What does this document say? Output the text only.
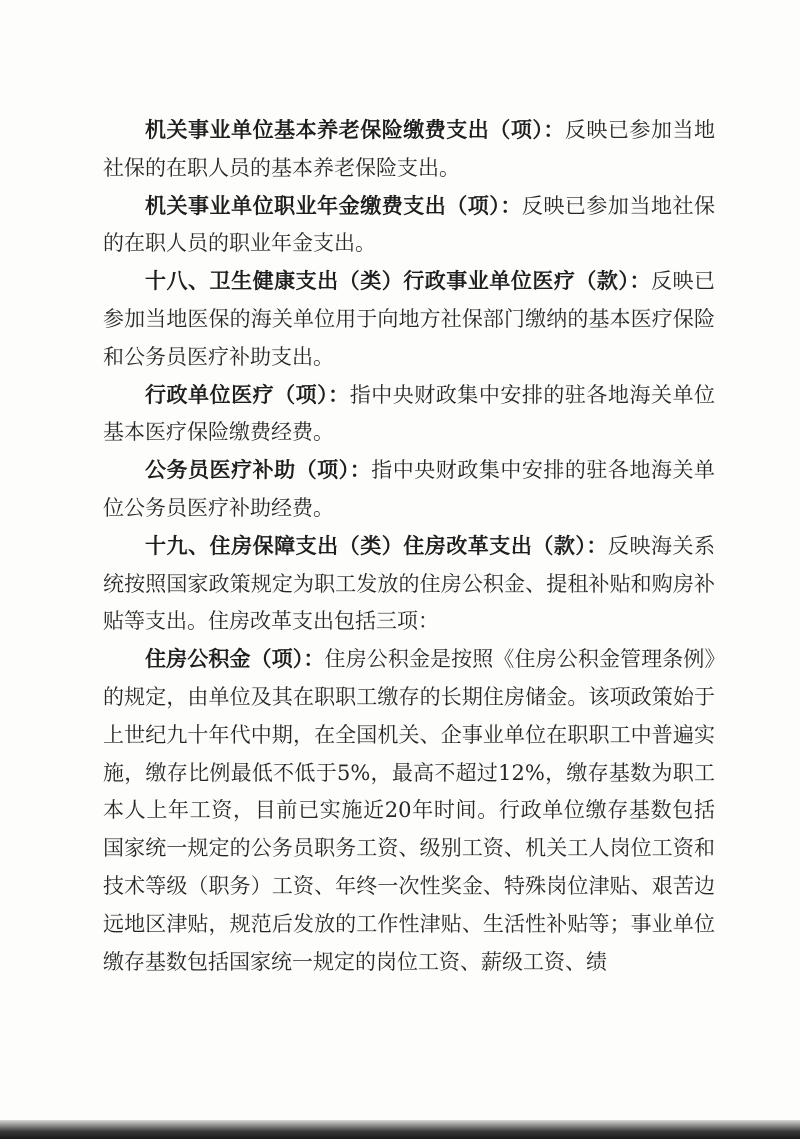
机关事业单位基本养老保险缴费支出（项）：反映已参加当地社保的在职人员的基本养老保险支出。

机关事业单位职业年金缴费支出（项）：反映已参加当地社保的在职人员的职业年金支出。

十八、卫生健康支出（类）行政事业单位医疗（款）：反映已参加当地医保的海关单位用于向地方社保部门缴纳的基本医疗保险和公务员医疗补助支出。

行政单位医疗（项）：指中央财政集中安排的驻各地海关单位基本医疗保险缴费经费。

公务员医疗补助（项）：指中央财政集中安排的驻各地海关单位公务员医疗补助经费。

十九、住房保障支出（类）住房改革支出（款）：反映海关系统按照国家政策规定为职工发放的住房公积金、提租补贴和购房补贴等支出。住房改革支出包括三项：

住房公积金（项）：住房公积金是按照《住房公积金管理条例》的规定，由单位及其在职职工缴存的长期住房储金。该项政策始于上世纪九十年代中期，在全国机关、企事业单位在职职工中普遍实施，缴存比例最低不低于5%，最高不超过12%，缴存基数为职工本人上年工资，目前已实施近20年时间。行政单位缴存基数包括国家统一规定的公务员职务工资、级别工资、机关工人岗位工资和技术等级（职务）工资、年终一次性奖金、特殊岗位津贴、艰苦边远地区津贴，规范后发放的工作性津贴、生活性补贴等；事业单位缴存基数包括国家统一规定的岗位工资、薪级工资、绩
